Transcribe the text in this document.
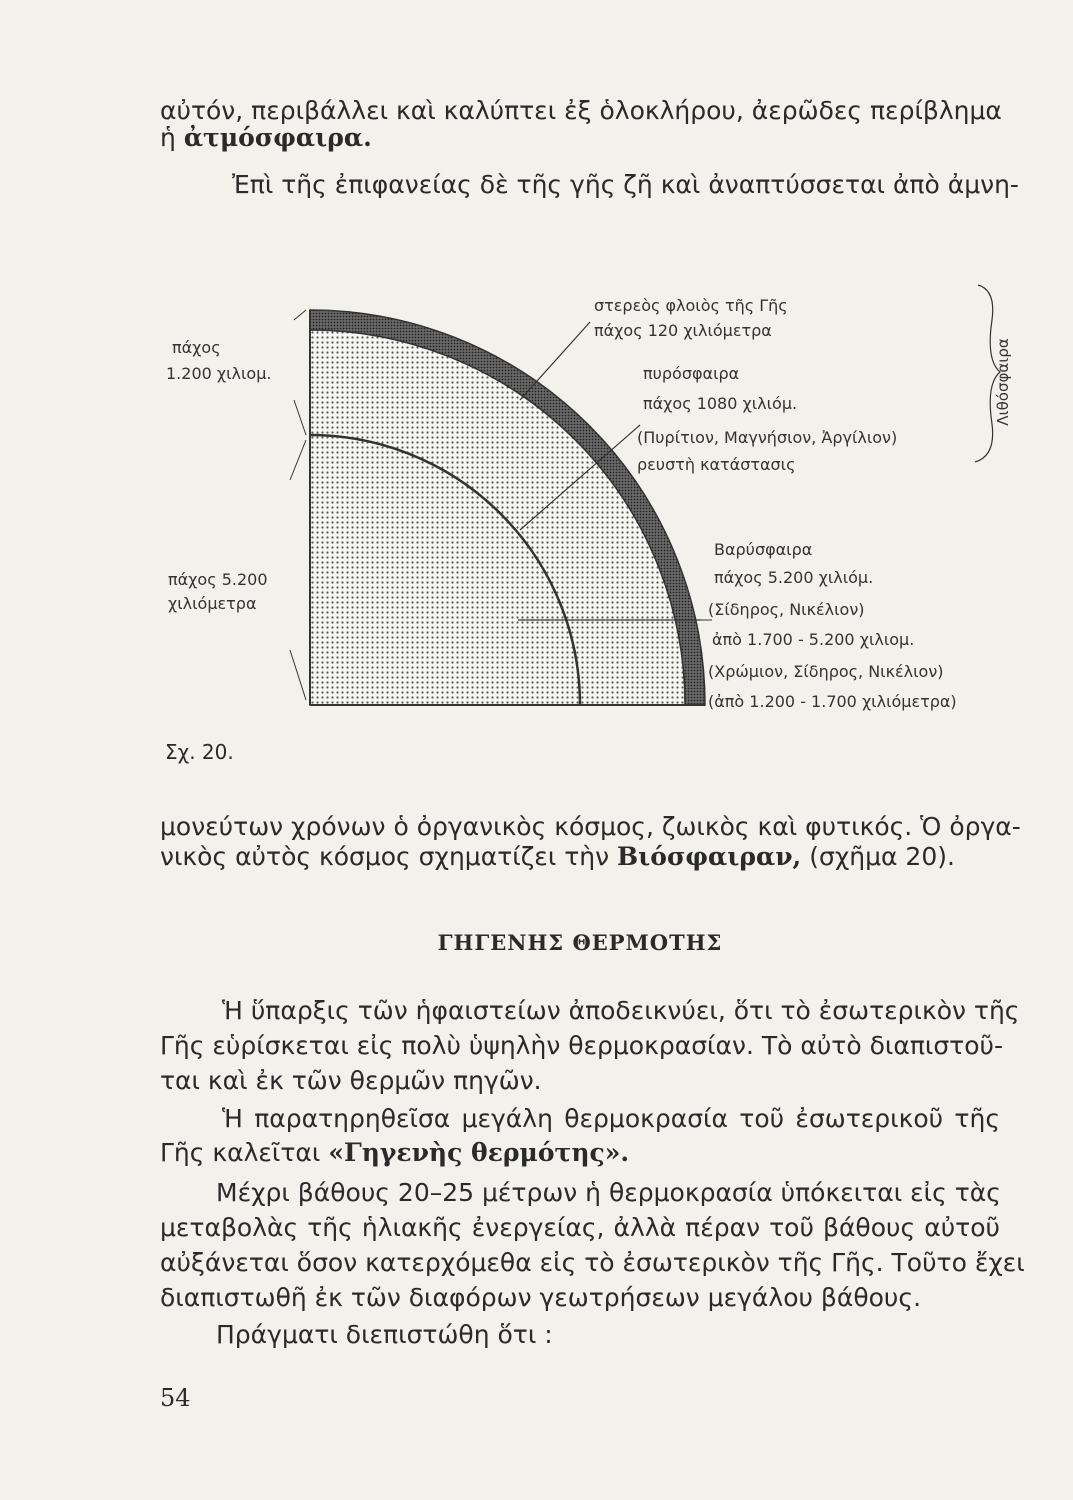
αὐτόν, περιβάλλει καὶ καλύπτει ἐξ ὁλοκλήρου, ἀερῶδες περίβλημα
ἡ ἀτμόσφαιρα.
Ἐπὶ τῆς ἐπιφανείας δὲ τῆς γῆς ζῆ καὶ ἀναπτύσσεται ἀπὸ ἀμνη-
πάχος
1.200 χιλιομ.
πάχος 5.200
χιλιόμετρα
στερεὸς φλοιὸς τῆς Γῆς
πάχος 120 χιλιόμετρα
πυρόσφαιρα
πάχος 1080 χιλιόμ.
(Πυρίτιον, Μαγνήσιον, Ἀργίλιον)
ρευστὴ κατάστασις
Λιθόσφαιρα
Βαρύσφαιρα
πάχος 5.200 χιλιόμ.
(Σίδηρος, Νικέλιον)
ἀπὸ 1.700 - 5.200 χιλιομ.
(Χρώμιον, Σίδηρος, Νικέλιον)
(ἀπὸ 1.200 - 1.700 χιλιόμετρα)
Σχ. 20.
μονεύτων χρόνων ὁ ὀργανικὸς κόσμος, ζωικὸς καὶ φυτικός. Ὁ ὀργα-
νικὸς αὐτὸς κόσμος σχηματίζει τὴν Βιόσφαιραν, (σχῆμα 20).
ΓΗΓΕΝΗΣ ΘΕΡΜΟΤΗΣ
Ἡ ὕπαρξις τῶν ἡφαιστείων ἀποδεικνύει, ὅτι τὸ ἐσωτερικὸν τῆς
Γῆς εὑρίσκεται εἰς πολὺ ὑψηλὴν θερμοκρασίαν. Τὸ αὐτὸ διαπιστοῦ-
ται καὶ ἐκ τῶν θερμῶν πηγῶν.
Ἡ παρατηρηθεῖσα μεγάλη θερμοκρασία τοῦ ἐσωτερικοῦ τῆς
Γῆς καλεῖται «Γηγενὴς θερμότης».
Μέχρι βάθους 20–25 μέτρων ἡ θερμοκρασία ὑπόκειται εἰς τὰς
μεταβολὰς τῆς ἡλιακῆς ἐνεργείας, ἀλλὰ πέραν τοῦ βάθους αὐτοῦ
αὐξάνεται ὅσον κατερχόμεθα εἰς τὸ ἐσωτερικὸν τῆς Γῆς. Τοῦτο ἔχει
διαπιστωθῆ ἐκ τῶν διαφόρων γεωτρήσεων μεγάλου βάθους.
Πράγματι διεπιστώθη ὅτι :
54
